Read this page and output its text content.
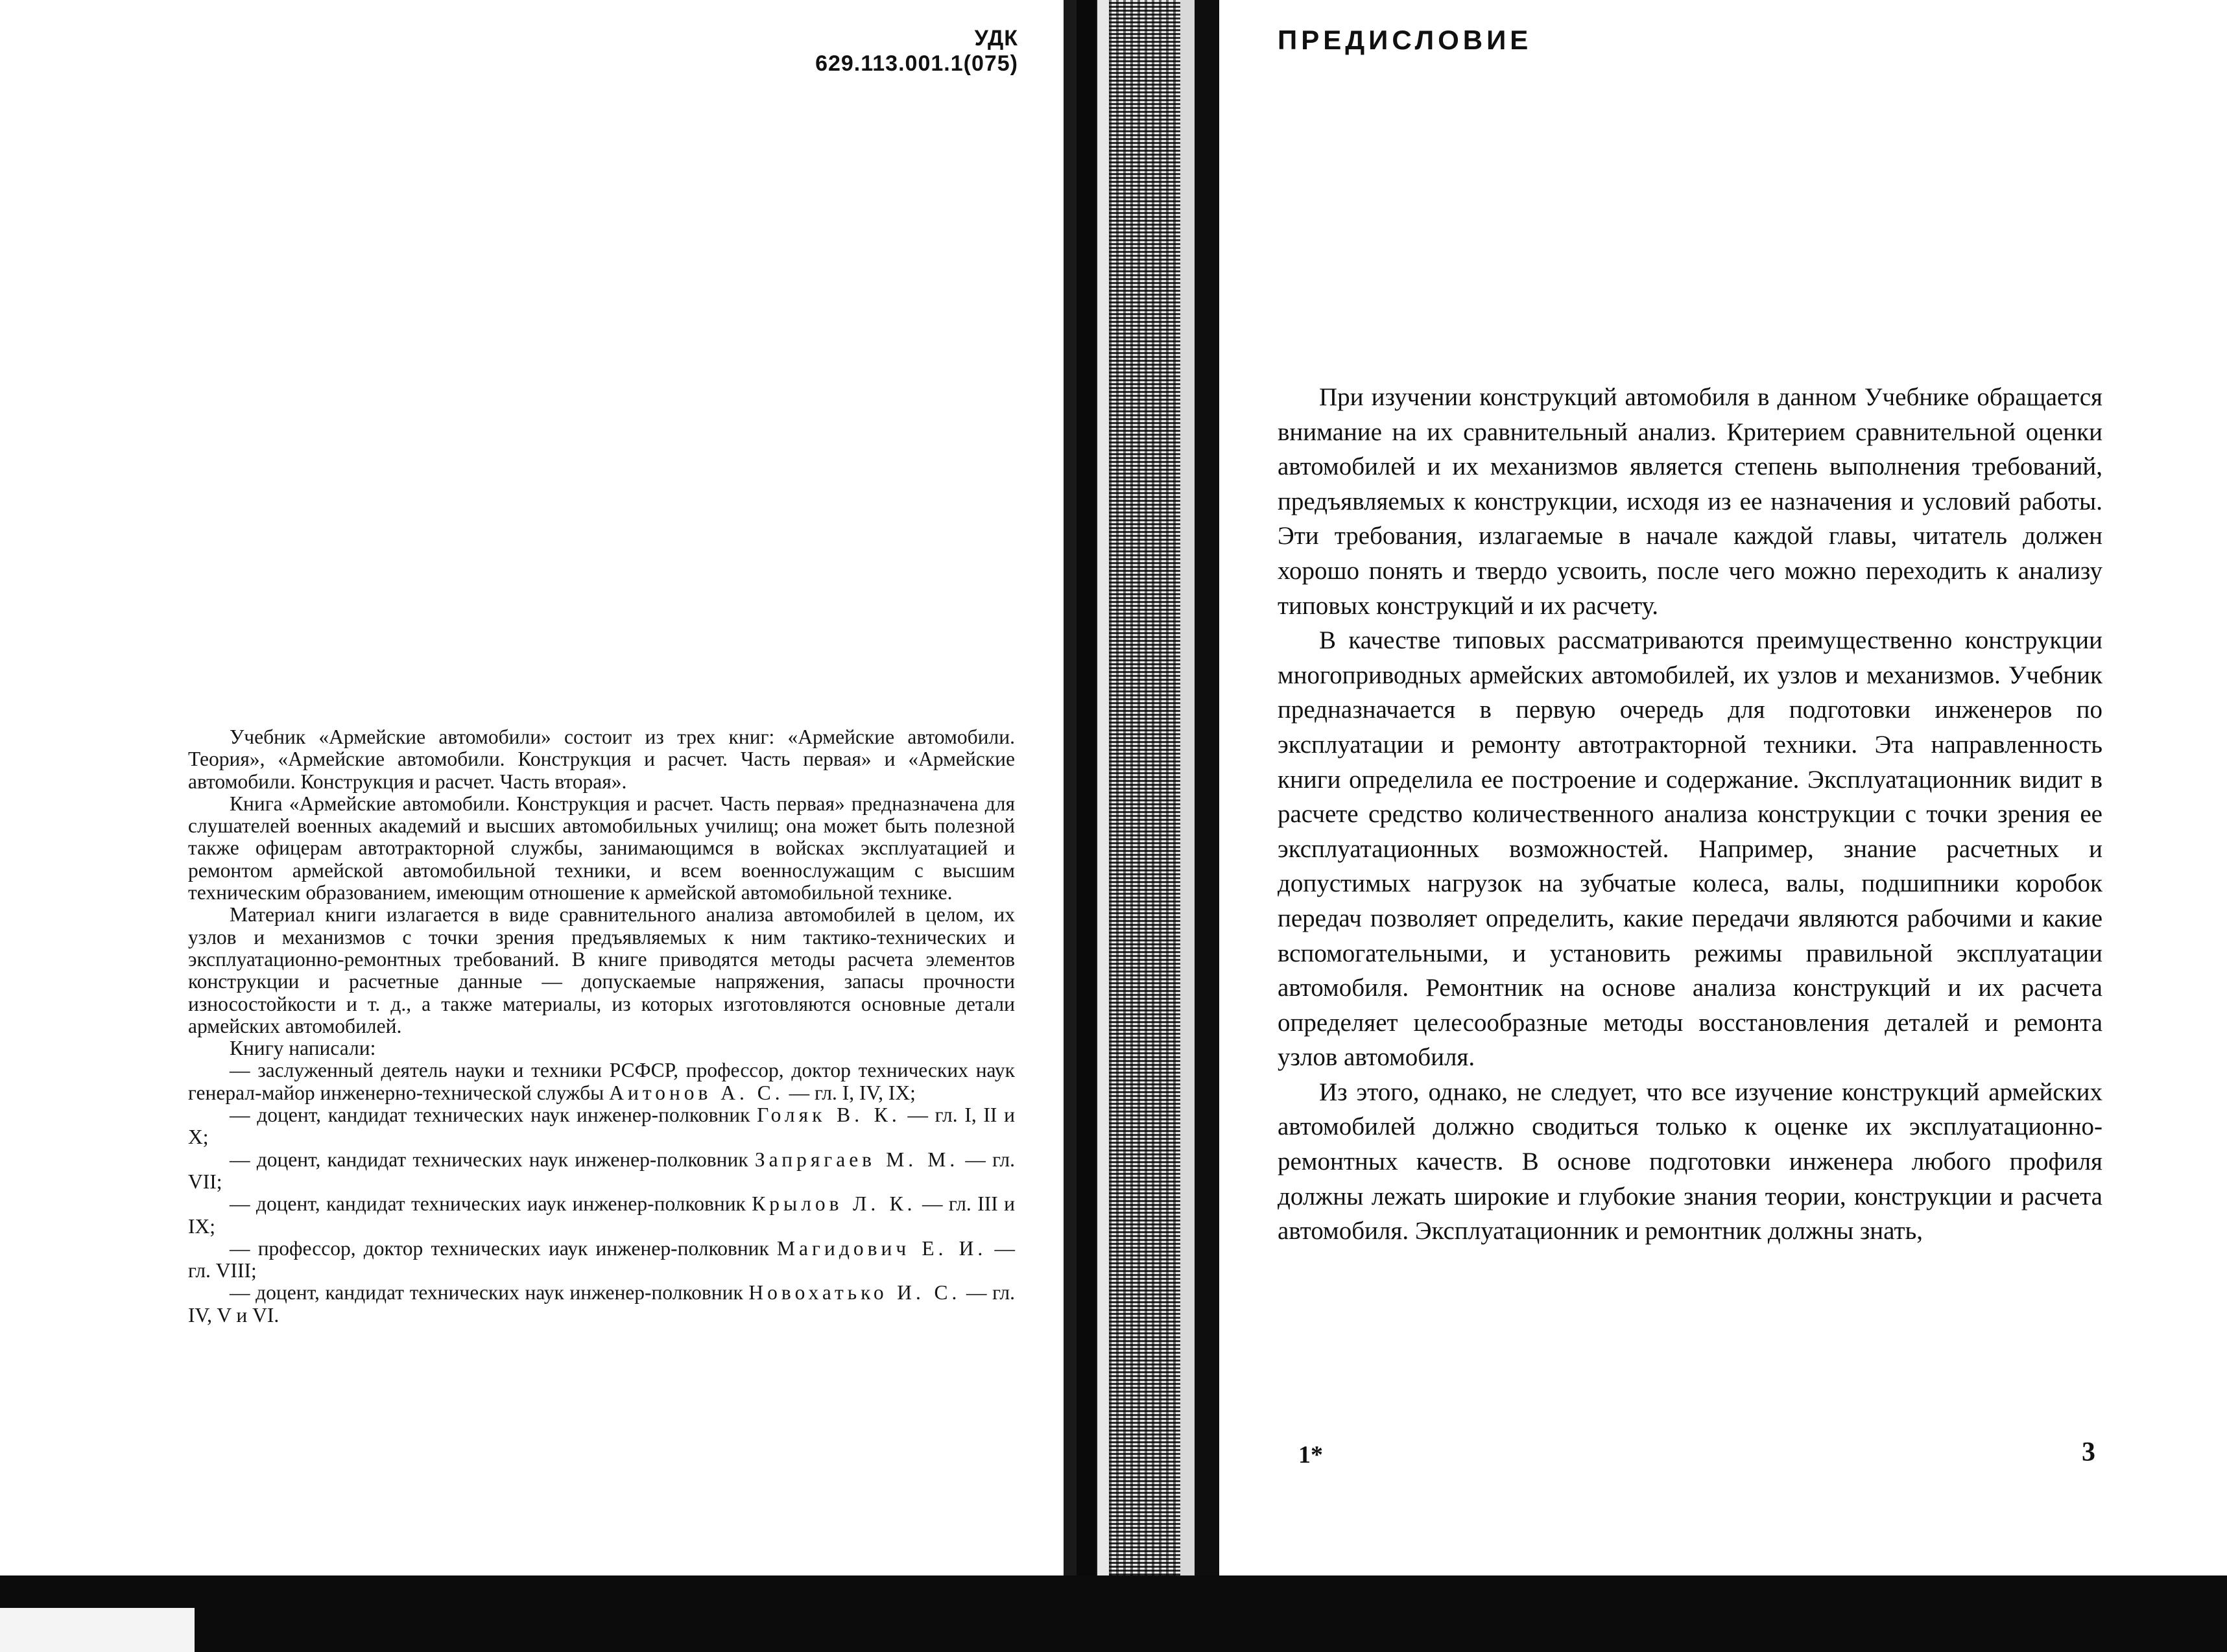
УДК 629.113.001.1(075)

Учебник «Армейские автомобили» состоит из трех книг: «Армейские автомобили. Теория», «Армейские автомобили. Конструкция и расчет. Часть первая» и «Армейские автомобили. Конструкция и расчет. Часть вторая».

Книга «Армейские автомобили. Конструкция и расчет. Часть первая» предназначена для слушателей военных академий и высших автомобильных училищ; она может быть полезной также офицерам автотракторной службы, занимающимся в войсках эксплуатацией и ремонтом армейской автомобильной техники, и всем военнослужащим с высшим техническим образованием, имеющим отношение к армейской автомобильной технике.

Материал книги излагается в виде сравнительного анализа автомобилей в целом, их узлов и механизмов с точки зрения предъявляемых к ним тактико-технических и эксплуатационно-ремонтных требований. В книге приводятся методы расчета элементов конструкции и расчетные данные — допускаемые напряжения, запасы прочности износостойкости и т. д., а также материалы, из которых изготовляются основные детали армейских автомобилей.

Книгу написали:

— заслуженный деятель науки и техники РСФСР, профессор, доктор технических наук генерал-майор инженерно-технической службы Аитонов А. С. — гл. I, IV, IX;

— доцент, кандидат технических наук инженер-полковник Голяк В. К. — гл. I, II и X;

— доцент, кандидат технических наук инженер-полковник Запрягаев М. М. — гл. VII;

— доцент, кандидат технических иаук инженер-полковник Крылов Л. К. — гл. III и IX;

— профессор, доктор технических иаук инженер-полковник Магидович Е. И. — гл. VIII;

— доцент, кандидат технических наук инженер-полковник Новохатько И. С. — гл. IV, V и VI.

ПРЕДИСЛОВИЕ

При изучении конструкций автомобиля в данном Учебнике обращается внимание на их сравнительный анализ. Критерием сравнительной оценки автомобилей и их механизмов является степень выполнения требований, предъявляемых к конструкции, исходя из ее назначения и условий работы. Эти требования, излагаемые в начале каждой главы, читатель должен хорошо понять и твердо усвоить, после чего можно переходить к анализу типовых конструкций и их расчету.

В качестве типовых рассматриваются преимущественно конструкции многоприводных армейских автомобилей, их узлов и механизмов. Учебник предназначается в первую очередь для подготовки инженеров по эксплуатации и ремонту автотракторной техники. Эта направленность книги определила ее построение и содержание. Эксплуатационник видит в расчете средство количественного анализа конструкции с точки зрения ее эксплуатационных возможностей. Например, знание расчетных и допустимых нагрузок на зубчатые колеса, валы, подшипники коробок передач позволяет определить, какие передачи являются рабочими и какие вспомогательными, и установить режимы правильной эксплуатации автомобиля. Ремонтник на основе анализа конструкций и их расчета определяет целесообразные методы восстановления деталей и ремонта узлов автомобиля.

Из этого, однако, не следует, что все изучение конструкций армейских автомобилей должно сводиться только к оценке их эксплуатационно-ремонтных качеств. В основе подготовки инженера любого профиля должны лежать широкие и глубокие знания теории, конструкции и расчета автомобиля. Эксплуатационник и ремонтник должны знать,

1*	3
